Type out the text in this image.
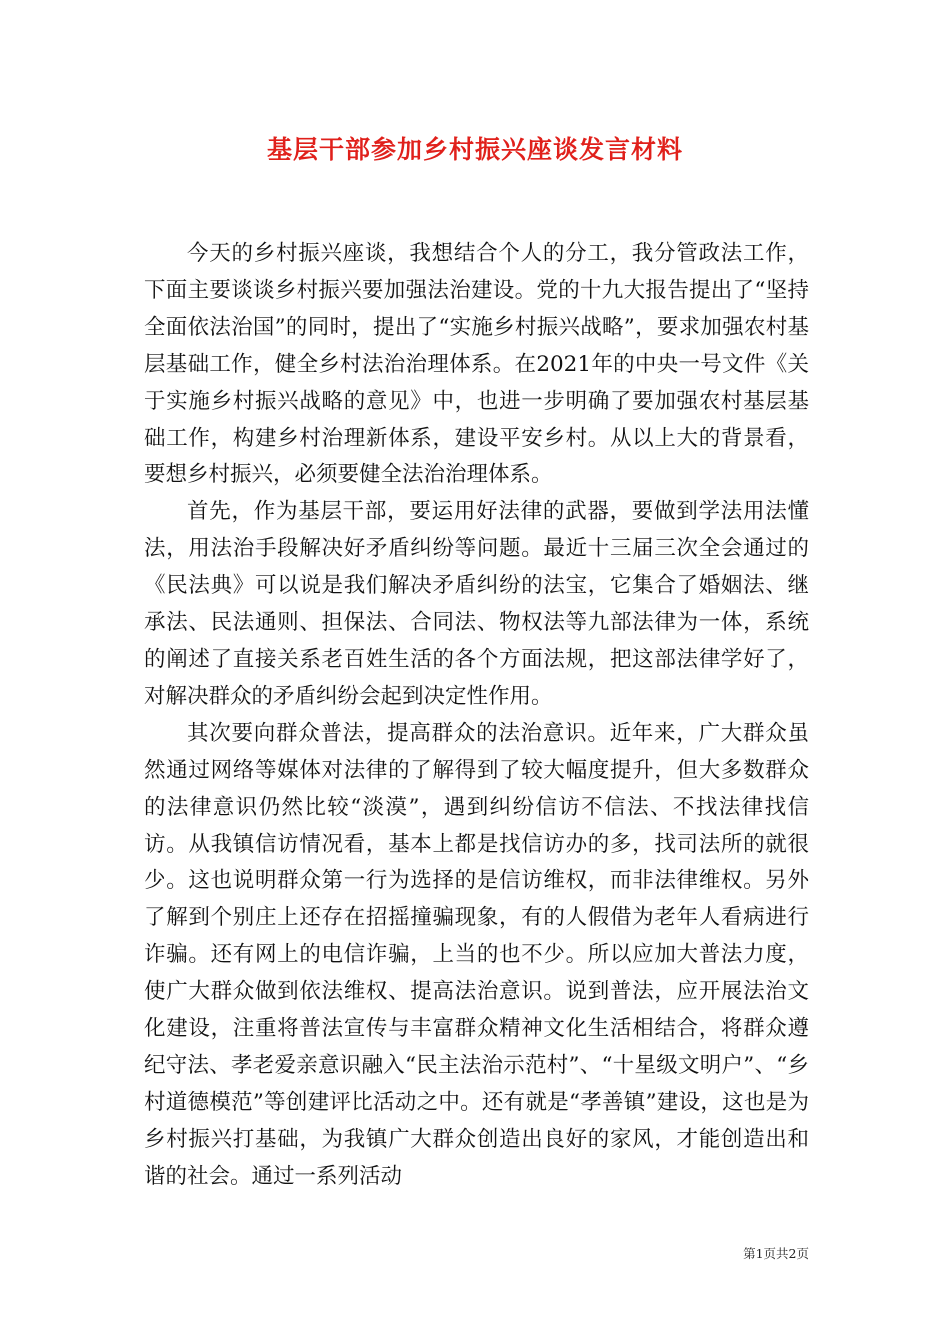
基层干部参加乡村振兴座谈发言材料

今天的乡村振兴座谈，我想结合个人的分工，我分管政法工作，下面主要谈谈乡村振兴要加强法治建设。党的十九大报告提出了“坚持全面依法治国”的同时，提出了“实施乡村振兴战略”，要求加强农村基层基础工作，健全乡村法治治理体系。在2021年的中央一号文件《关于实施乡村振兴战略的意见》中，也进一步明确了要加强农村基层基础工作，构建乡村治理新体系，建设平安乡村。从以上大的背景看，要想乡村振兴，必须要健全法治治理体系。

首先，作为基层干部，要运用好法律的武器，要做到学法用法懂法，用法治手段解决好矛盾纠纷等问题。最近十三届三次全会通过的《民法典》可以说是我们解决矛盾纠纷的法宝，它集合了婚姻法、继承法、民法通则、担保法、合同法、物权法等九部法律为一体，系统的阐述了直接关系老百姓生活的各个方面法规，把这部法律学好了，对解决群众的矛盾纠纷会起到决定性作用。

其次要向群众普法，提高群众的法治意识。近年来，广大群众虽然通过网络等媒体对法律的了解得到了较大幅度提升，但大多数群众的法律意识仍然比较“淡漠”，遇到纠纷信访不信法、不找法律找信访。从我镇信访情况看，基本上都是找信访办的多，找司法所的就很少。这也说明群众第一行为选择的是信访维权，而非法律维权。另外了解到个别庄上还存在招摇撞骗现象，有的人假借为老年人看病进行诈骗。还有网上的电信诈骗，上当的也不少。所以应加大普法力度，使广大群众做到依法维权、提高法治意识。说到普法，应开展法治文化建设，注重将普法宣传与丰富群众精神文化生活相结合，将群众遵纪守法、孝老爱亲意识融入“民主法治示范村”、“十星级文明户”、“乡村道德模范”等创建评比活动之中。还有就是“孝善镇”建设，这也是为乡村振兴打基础，为我镇广大群众创造出良好的家风，才能创造出和谐的社会。通过一系列活动

第1页共2页
